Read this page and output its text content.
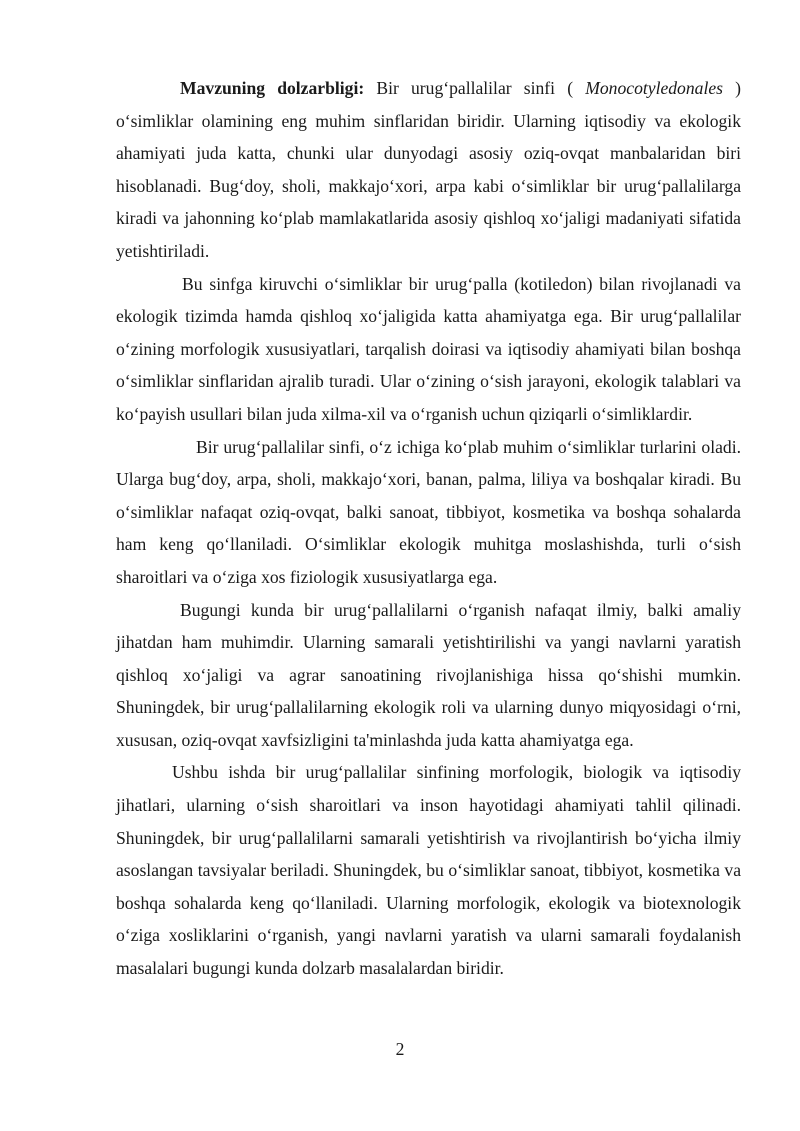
Mavzuning dolzarbligi: Bir urug‘pallalilar sinfi ( Monocotyledonales ) o‘simliklar olamining eng muhim sinflaridan biridir. Ularning iqtisodiy va ekologik ahamiyati juda katta, chunki ular dunyodagi asosiy oziq-ovqat manbalaridan biri hisoblanadi. Bug‘doy, sholi, makkajo‘xori, arpa kabi o‘simliklar bir urug‘pallalilarga kiradi va jahonning ko‘plab mamlakatlarida asosiy qishloq xo‘jaligi madaniyati sifatida yetishtiriladi.

Bu sinfga kiruvchi o‘simliklar bir urug‘palla (kotiledon) bilan rivojlanadi va ekologik tizimda hamda qishloq xo‘jaligida katta ahamiyatga ega. Bir urug‘pallalilar o‘zining morfologik xususiyatlari, tarqalish doirasi va iqtisodiy ahamiyati bilan boshqa o‘simliklar sinflaridan ajralib turadi. Ular o‘zining o‘sish jarayoni, ekologik talablari va ko‘payish usullari bilan juda xilma-xil va o‘rganish uchun qiziqarli o‘simliklardir.

Bir urug‘pallalilar sinfi, o‘z ichiga ko‘plab muhim o‘simliklar turlarini oladi. Ularga bug‘doy, arpa, sholi, makkajo‘xori, banan, palma, liliya va boshqalar kiradi. Bu o‘simliklar nafaqat oziq-ovqat, balki sanoat, tibbiyot, kosmetika va boshqa sohalarda ham keng qo‘llaniladi. O‘simliklar ekologik muhitga moslashishda, turli o‘sish sharoitlari va o‘ziga xos fiziologik xususiyatlarga ega.

Bugungi kunda bir urug‘pallalilarni o‘rganish nafaqat ilmiy, balki amaliy jihatdan ham muhimdir. Ularning samarali yetishtirilishi va yangi navlarni yaratish qishloq xo‘jaligi va agrar sanoatining rivojlanishiga hissa qo‘shishi mumkin. Shuningdek, bir urug‘pallalilarning ekologik roli va ularning dunyo miqyosidagi o‘rni, xususan, oziq-ovqat xavfsizligini ta'minlashda juda katta ahamiyatga ega.

Ushbu ishda bir urug‘pallalilar sinfining morfologik, biologik va iqtisodiy jihatlari, ularning o‘sish sharoitlari va inson hayotidagi ahamiyati tahlil qilinadi. Shuningdek, bir urug‘pallalilarni samarali yetishtirish va rivojlantirish bo‘yicha ilmiy asoslangan tavsiyalar beriladi. Shuningdek, bu o‘simliklar sanoat, tibbiyot, kosmetika va boshqa sohalarda keng qo‘llaniladi. Ularning morfologik, ekologik va biotexnologik o‘ziga xosliklarini o‘rganish, yangi navlarni yaratish va ularni samarali foydalanish masalalari bugungi kunda dolzarb masalalardan biridir.

2
